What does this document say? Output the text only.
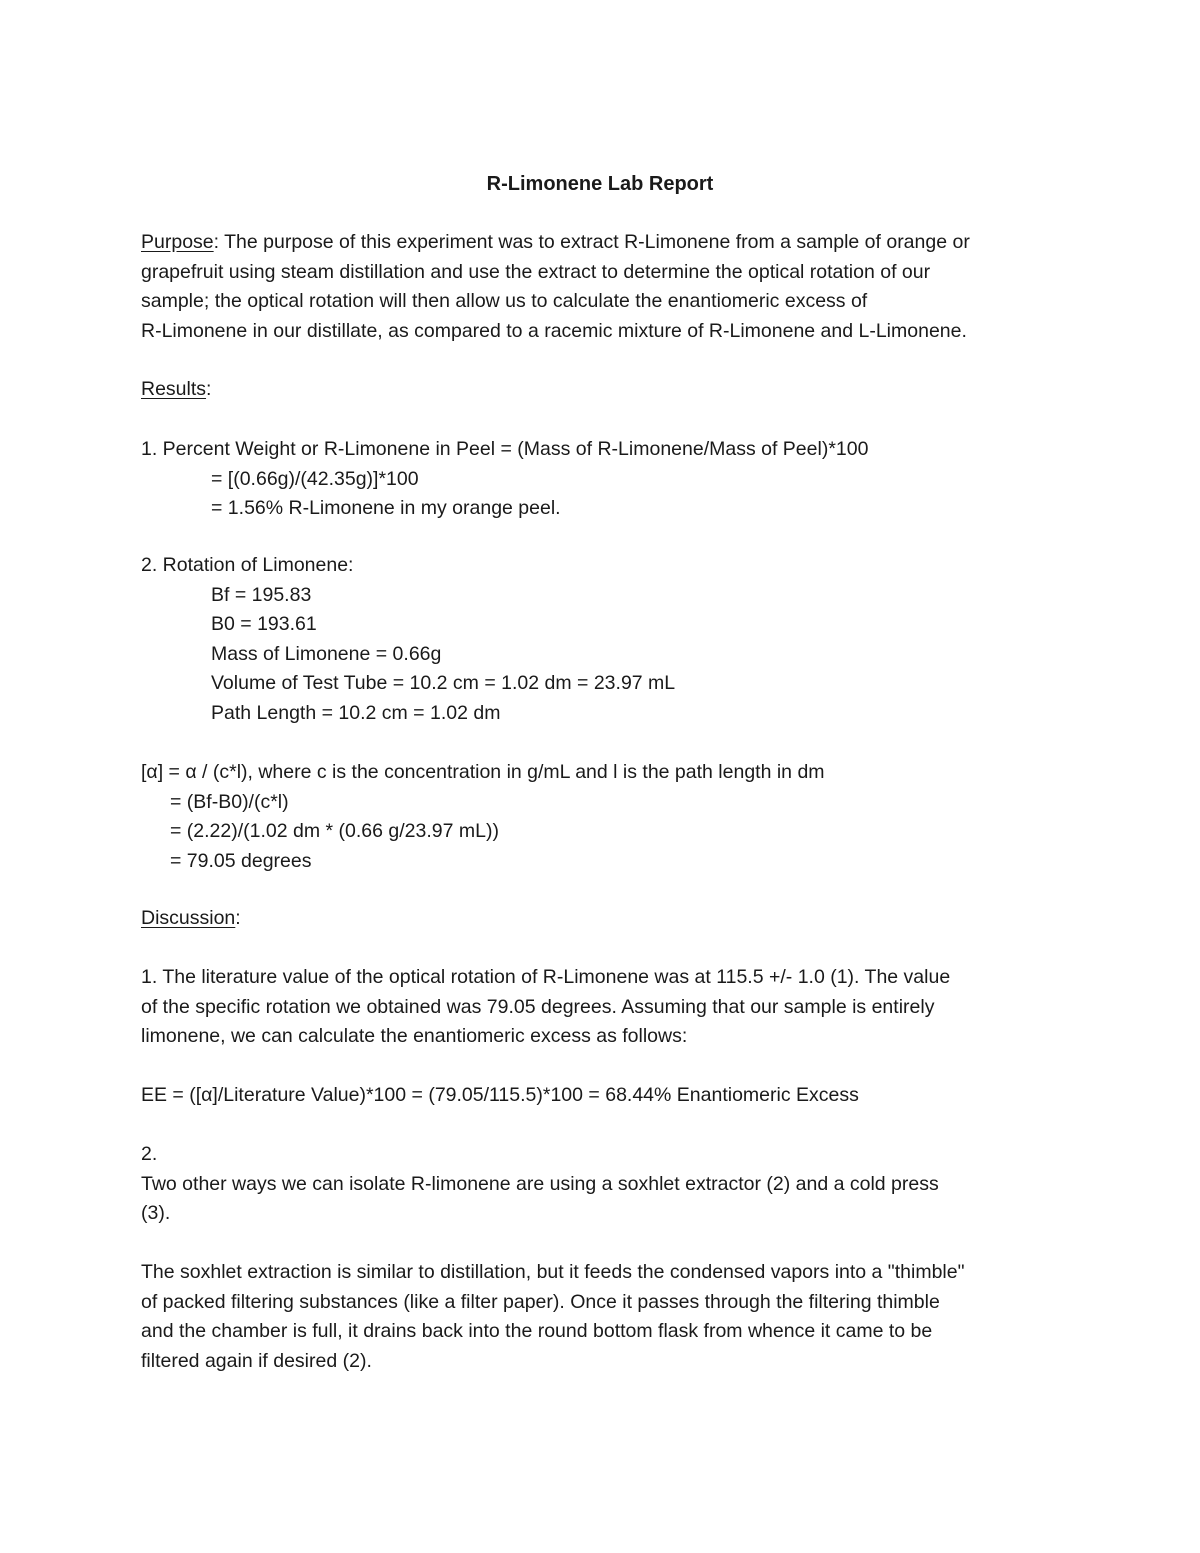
R-Limonene Lab Report
Purpose: The purpose of this experiment was to extract R-Limonene from a sample of orange or
grapefruit using steam distillation and use the extract to determine the optical rotation of our
sample; the optical rotation will then allow us to calculate the enantiomeric excess of
R-Limonene in our distillate, as compared to a racemic mixture of R-Limonene and L-Limonene.
Results:
1. Percent Weight or R-Limonene in Peel = (Mass of R-Limonene/Mass of Peel)*100
= [(0.66g)/(42.35g)]*100
= 1.56% R-Limonene in my orange peel.
2. Rotation of Limonene:
Bf = 195.83
B0 = 193.61
Mass of Limonene = 0.66g
Volume of Test Tube = 10.2 cm = 1.02 dm = 23.97 mL
Path Length = 10.2 cm = 1.02 dm
[α] = α / (c*l), where c is the concentration in g/mL and l is the path length in dm
= (Bf-B0)/(c*l)
= (2.22)/(1.02 dm * (0.66 g/23.97 mL))
= 79.05 degrees
Discussion:
1. The literature value of the optical rotation of R-Limonene was at 115.5 +/- 1.0 (1). The value
of the specific rotation we obtained was 79.05 degrees. Assuming that our sample is entirely
limonene, we can calculate the enantiomeric excess as follows:
EE = ([α]/Literature Value)*100 = (79.05/115.5)*100 = 68.44% Enantiomeric Excess
2.
Two other ways we can isolate R-limonene are using a soxhlet extractor (2) and a cold press
(3).
The soxhlet extraction is similar to distillation, but it feeds the condensed vapors into a "thimble"
of packed filtering substances (like a filter paper). Once it passes through the filtering thimble
and the chamber is full, it drains back into the round bottom flask from whence it came to be
filtered again if desired (2).
